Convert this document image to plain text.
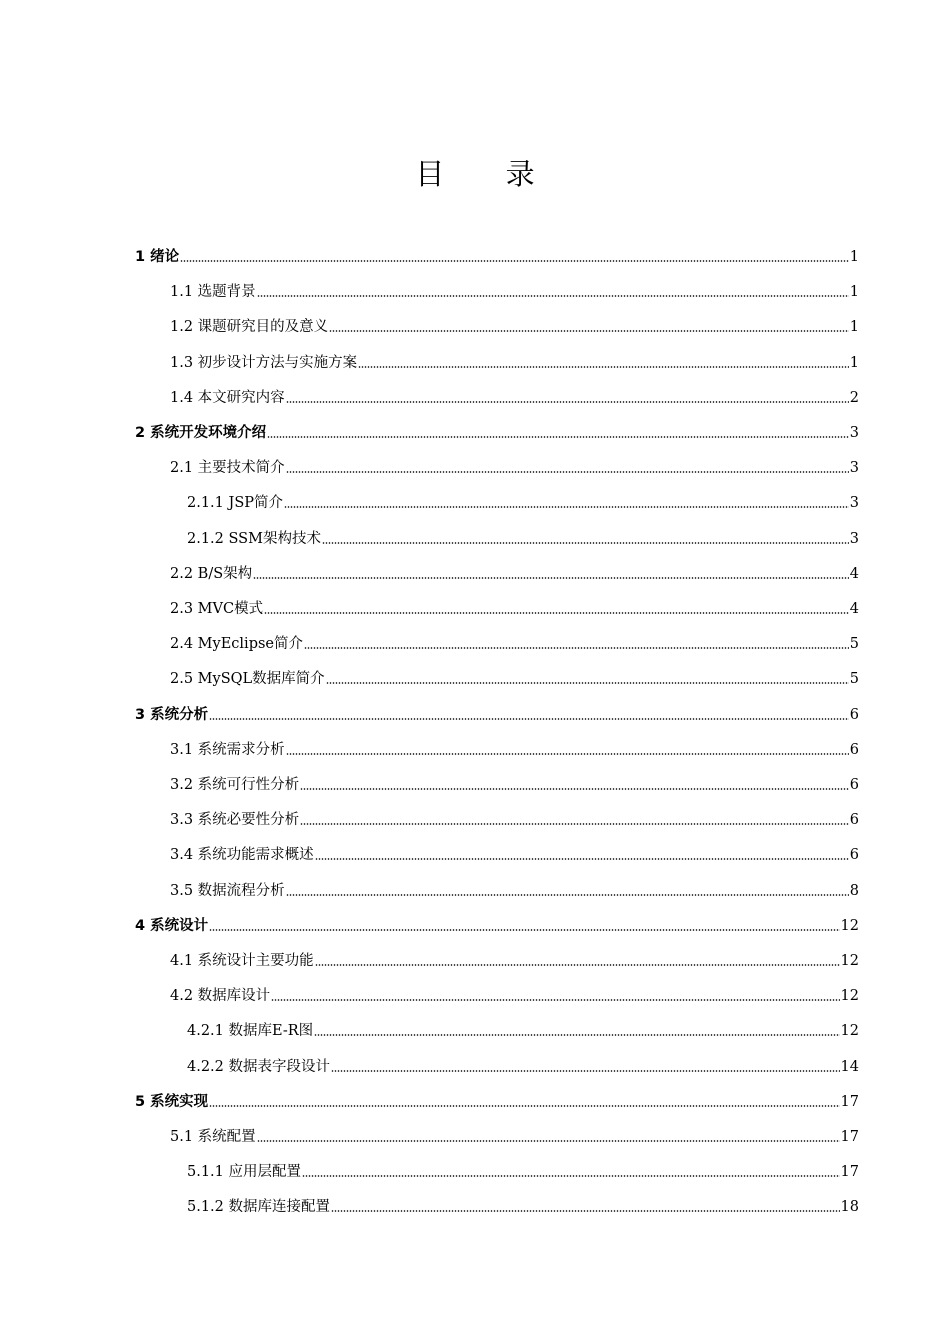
目 录
1 绪论	1
1.1 选题背景	1
1.2 课题研究目的及意义	1
1.3 初步设计方法与实施方案	1
1.4 本文研究内容	2
2 系统开发环境介绍	3
2.1 主要技术简介	3
2.1.1 JSP简介	3
2.1.2 SSM架构技术	3
2.2 B/S架构	4
2.3 MVC模式	4
2.4 MyEclipse简介	5
2.5 MySQL数据库简介	5
3 系统分析	6
3.1 系统需求分析	6
3.2 系统可行性分析	6
3.3 系统必要性分析	6
3.4 系统功能需求概述	6
3.5 数据流程分析	8
4 系统设计	12
4.1 系统设计主要功能	12
4.2 数据库设计	12
4.2.1 数据库E-R图	12
4.2.2 数据表字段设计	14
5 系统实现	17
5.1 系统配置	17
5.1.1 应用层配置	17
5.1.2 数据库连接配置	18
